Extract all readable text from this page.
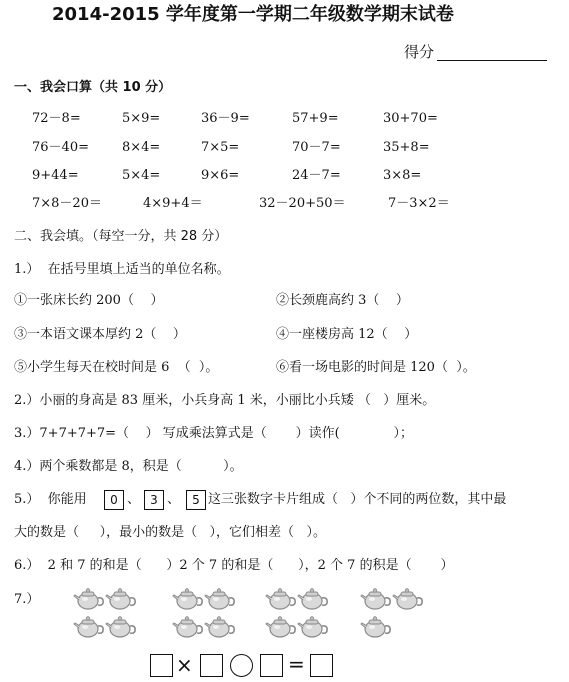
2014-2015 学年度第一学期二年级数学期末试卷
得分
一、我会口算（共 10 分）
72－8=	5×9=	36－9=	57+9=	30+70=
76－40=	8×4=	7×5=	70－7=	35+8=
9+44=	5×4=	9×6=	24－7=	3×8=
7×8－20＝	4×9+4＝	32－20+50＝	7－3×2＝
二、我会填。（每空一分，共 28 分）
1.）  在括号里填上适当的单位名称。
①一张床长约 200（    ）	②长颈鹿高约 3（    ）
③一本语文课本厚约 2（    ）	④一座楼房高 12（    ）
⑤小学生每天在校时间是 6  （  ）。	⑥看一场电影的时间是 120（  ）。
2.）小丽的身高是 83 厘米，小兵身高 1 米，小丽比小兵矮 （   ）厘米。
3.）7+7+7+7=（    ） 写成乘法算式是（       ）读作(             ）；
4.）两个乘数都是 8，积是（          ）。
5.）  你能用	0 、 3 、	5 这三张数字卡片组成（   ）个不同的两位数，其中最
大的数是（     ），最小的数是（   ），它们相差（   ）。
6.）  2 和 7 的和是（      ）2 个 7 的和是（      ），2 个 7 的积是（       ）
7.）
×	=
